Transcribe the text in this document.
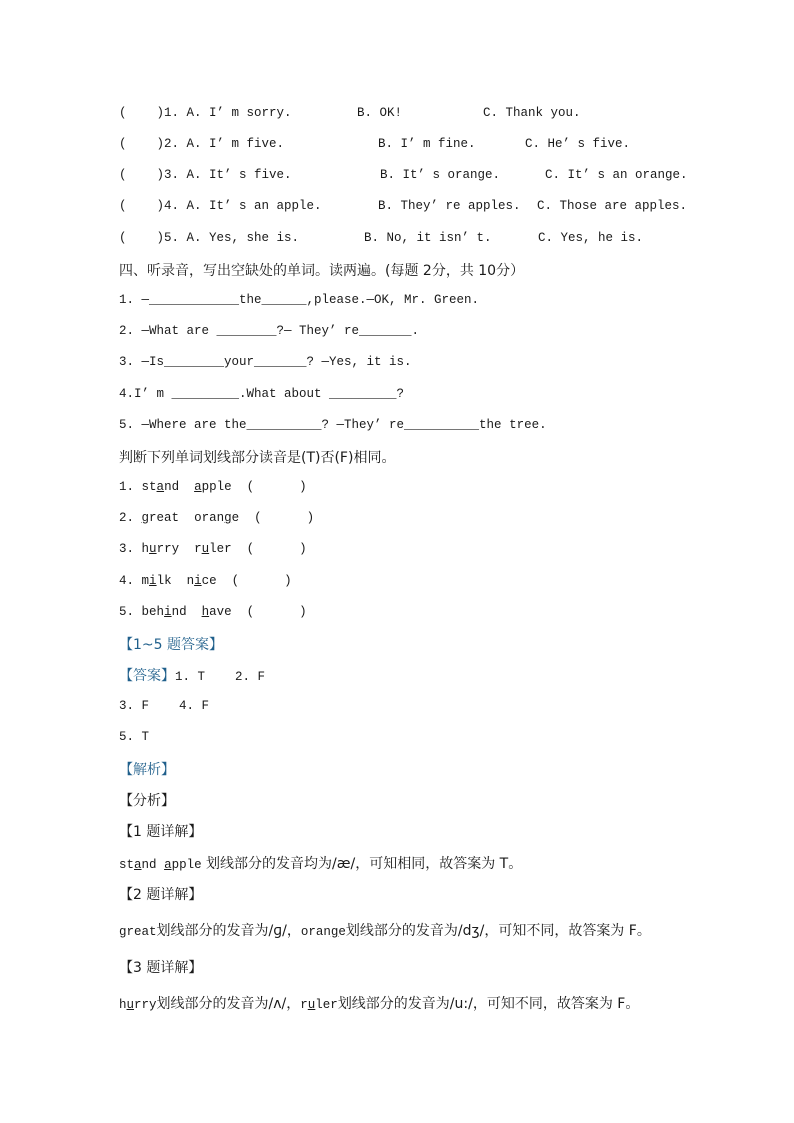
(    )1. A. I’ m sorry.	B. OK!	C. Thank you.
(    )2. A. I’ m five.	B. I’ m fine.	C. He’ s five.
(    )3. A. It’ s five.	B. It’ s orange.	C. It’ s an orange.
(    )4. A. It’ s an apple.	B. They’ re apples. C. Those are apples.
(    )5. A. Yes, she is.	B. No, it isn’ t.	C. Yes, he is.
四、听录音，写出空缺处的单词。读两遍。(每题 2分，共 10分）
1. —____________the______,please.—OK, Mr. Green.
2. —What are ________?— They’ re_______.
3. —Is________your_______? —Yes, it is.
4.I’ m _________.What about _________?
5. —Where are the__________? —They’ re__________the tree.
判断下列单词划线部分读音是(T)否(F)相同。
1. stand apple (      )
2. great orange (      )
3. hurry ruler (      )
4. milk nice (      )
5. behind have (      )
【1~5 题答案】
【答案】1. T    2. F
3. F    4. F
5. T
【解析】
【分析】
【1 题详解】
stand apple 划线部分的发音均为/æ/，可知相同，故答案为 T。
【2 题详解】
great划线部分的发音为/ɡ/，orange划线部分的发音为/dʒ/，可知不同，故答案为 F。
【3 题详解】
hurry划线部分的发音为/ʌ/，ruler划线部分的发音为/u:/，可知不同，故答案为 F。
